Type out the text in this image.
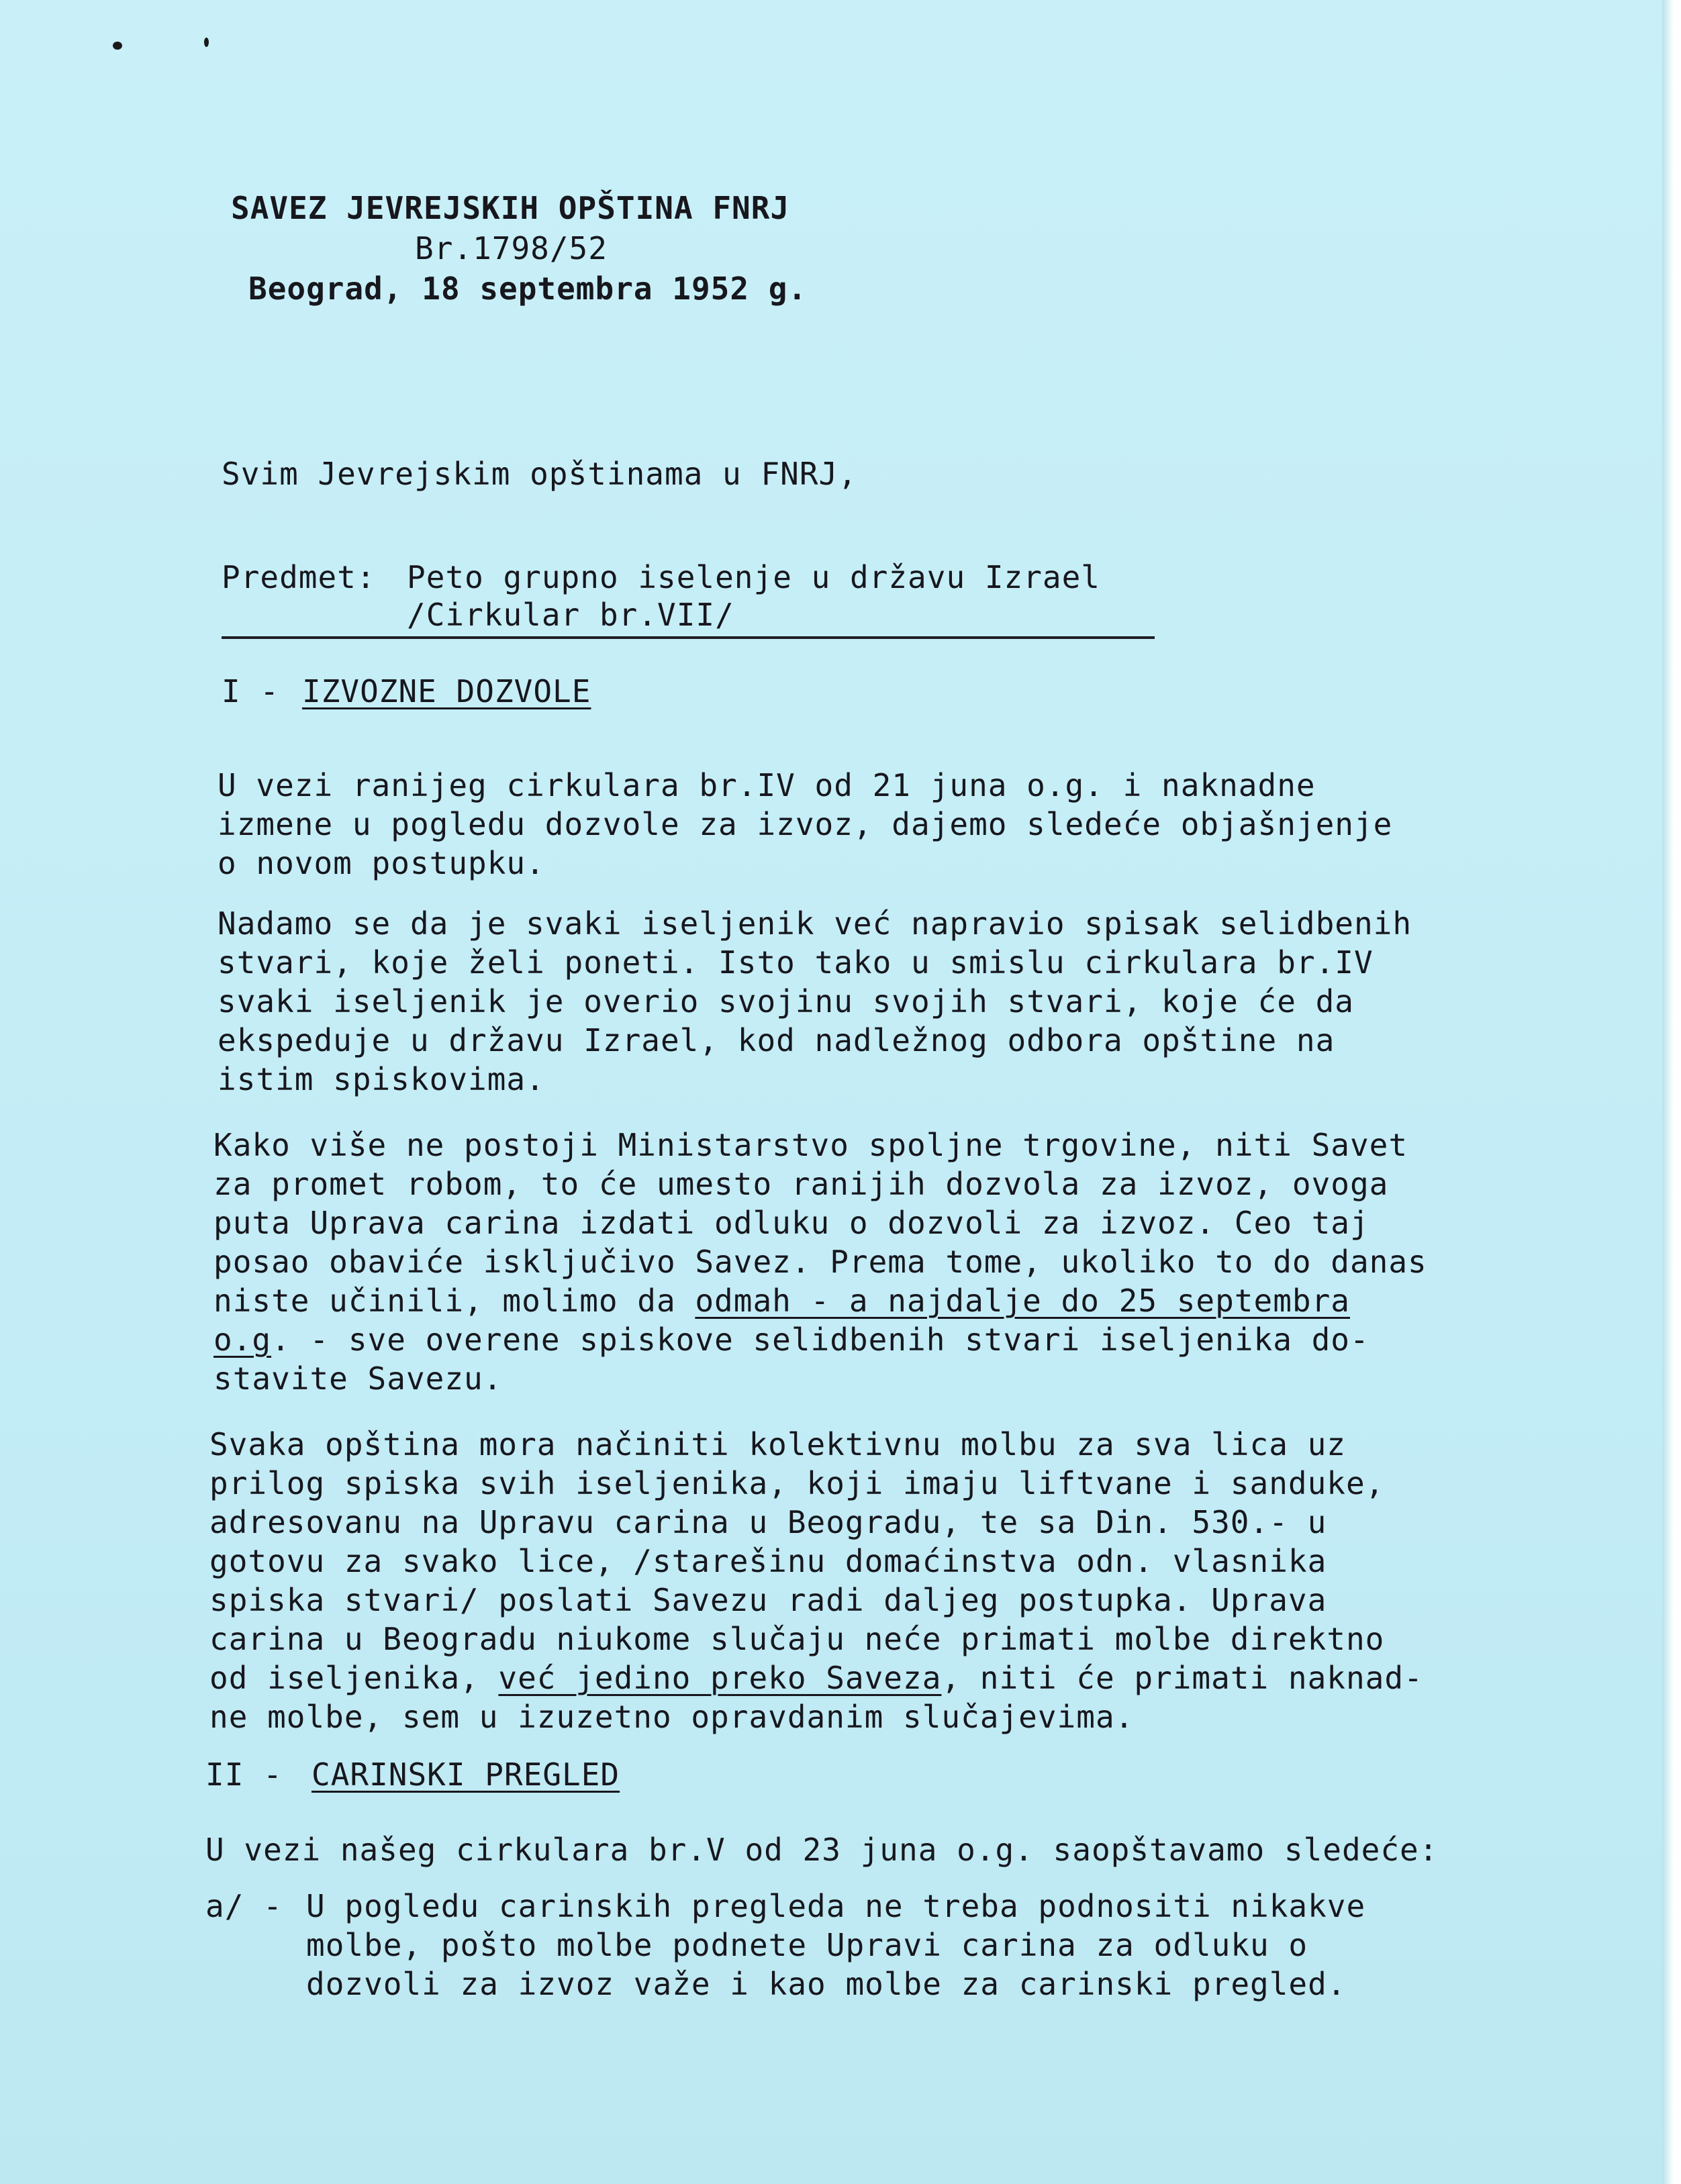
SAVEZ JEVREJSKIH OPŠTINA FNRJ
Br.1798/52
Beograd, 18 septembra 1952 g.
Svim Jevrejskim opštinama u FNRJ,
Predmet: Peto grupno iselenje u državu Izrael
/Cirkular br.VII/
I - IZVOZNE DOZVOLE
U vezi ranijeg cirkulara br.IV od 21 juna o.g. i naknadne
izmene u pogledu dozvole za izvoz, dajemo sledeće objašnjenje
o novom postupku.
Nadamo se da je svaki iseljenik već napravio spisak selidbenih
stvari, koje želi poneti. Isto tako u smislu cirkulara br.IV
svaki iseljenik je overio svojinu svojih stvari, koje će da
ekspeduje u državu Izrael, kod nadležnog odbora opštine na
istim spiskovima.
Kako više ne postoji Ministarstvo spoljne trgovine, niti Savet
za promet robom, to će umesto ranijih dozvola za izvoz, ovoga
puta Uprava carina izdati odluku o dozvoli za izvoz. Ceo taj
posao obaviće isključivo Savez. Prema tome, ukoliko to do danas
niste učinili, molimo da odmah - a najdalje do 25 septembra
o.g. - sve overene spiskove selidbenih stvari iseljenika do-
stavite Savezu.
Svaka opština mora načiniti kolektivnu molbu za sva lica uz
prilog spiska svih iseljenika, koji imaju liftvane i sanduke,
adresovanu na Upravu carina u Beogradu, te sa Din. 530.- u
gotovu za svako lice, /starešinu domaćinstva odn. vlasnika
spiska stvari/ poslati Savezu radi daljeg postupka. Uprava
carina u Beogradu niukome slučaju neće primati molbe direktno
od iseljenika, već jedino preko Saveza, niti će primati naknad-
ne molbe, sem u izuzetno opravdanim slučajevima.
II - CARINSKI PREGLED
U vezi našeg cirkulara br.V od 23 juna o.g. saopštavamo sledeće:
a/ - U pogledu carinskih pregleda ne treba podnositi nikakve
molbe, pošto molbe podnete Upravi carina za odluku o
dozvoli za izvoz važe i kao molbe za carinski pregled.
